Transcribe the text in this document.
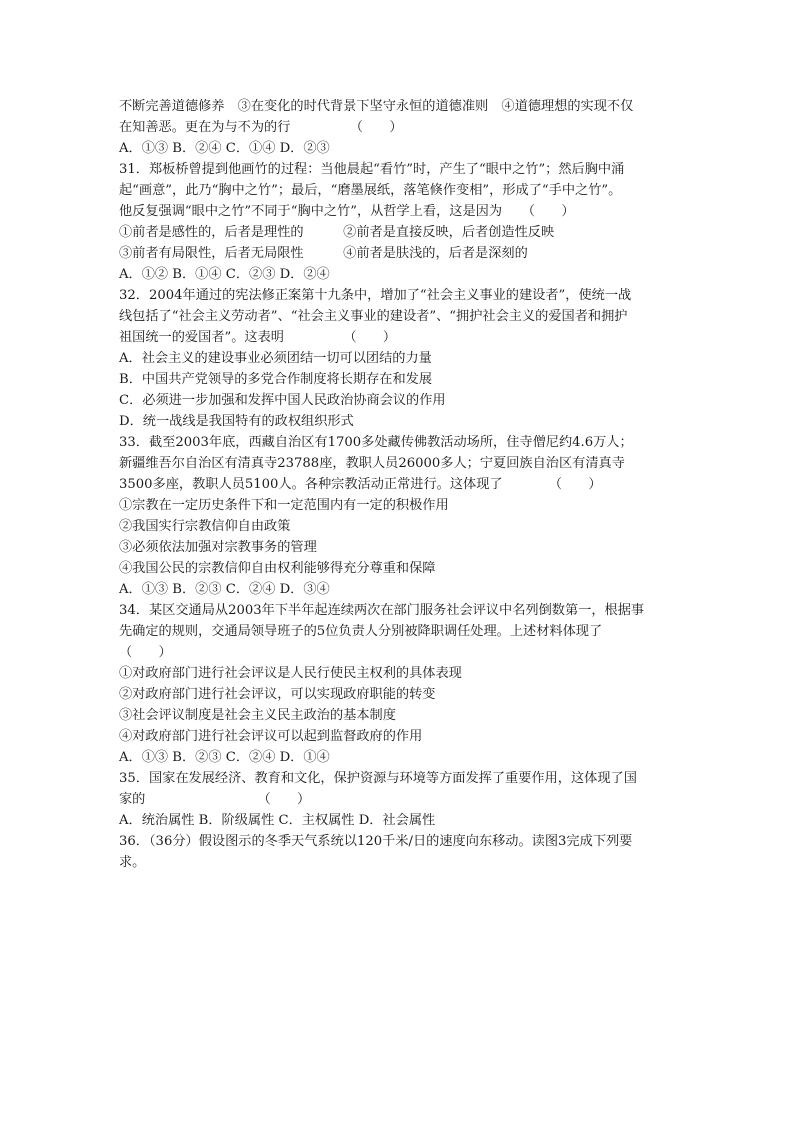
不断完善道德修养　③在变化的时代背景下坚守永恒的道德准则　④道德理想的实现不仅
在知善恶。更在为与不为的行　　　　　（　　）
A．①③ B．②④ C．①④ D．②③
31．郑板桥曾提到他画竹的过程：当他晨起“看竹”时，产生了“眼中之竹”；然后胸中涌
起“画意”，此乃“胸中之竹”；最后，“磨墨展纸，落笔倏作变相”，形成了“手中之竹”。
他反复强调“眼中之竹”不同于“胸中之竹”，从哲学上看，这是因为　　（　　）
①前者是感性的，后者是理性的　　　②前者是直接反映，后者创造性反映
③前者有局限性，后者无局限性　　　④前者是肤浅的，后者是深刻的
A．①② B．①④ C．②③ D．②④
32．2004年通过的宪法修正案第十九条中，增加了“社会主义事业的建设者”，使统一战
线包括了“社会主义劳动者”、“社会主义事业的建设者”、“拥护社会主义的爱国者和拥护
祖国统一的爱国者”。这表明　　　　　（　　）
A．社会主义的建设事业必须团结一切可以团结的力量
B．中国共产党领导的多党合作制度将长期存在和发展
C．必须进一步加强和发挥中国人民政治协商会议的作用
D．统一战线是我国特有的政权组织形式
33．截至2003年底，西藏自治区有1700多处藏传佛教活动场所，住寺僧尼约4.6万人；
新疆维吾尔自治区有清真寺23788座，教职人员26000多人；宁夏回族自治区有清真寺
3500多座，教职人员5100人。各种宗教活动正常进行。这体现了　　　　（　　）
①宗教在一定历史条件下和一定范围内有一定的积极作用
②我国实行宗教信仰自由政策
③必须依法加强对宗教事务的管理
④我国公民的宗教信仰自由权利能够得充分尊重和保障
A．①③ B．②③ C．②④ D．③④
34．某区交通局从2003年下半年起连续两次在部门服务社会评议中名列倒数第一，根据事
先确定的规则，交通局领导班子的5位负责人分别被降职调任处理。上述材料体现了
（　　）
①对政府部门进行社会评议是人民行使民主权利的具体表现
②对政府部门进行社会评议，可以实现政府职能的转变
③社会评议制度是社会主义民主政治的基本制度
④对政府部门进行社会评议可以起到监督政府的作用
A．①③ B．②③ C．②④ D．①④
35．国家在发展经济、教育和文化，保护资源与环境等方面发挥了重要作用，这体现了国
家的　　　　　　　　　（　　）
A．统治属性 B．阶级属性 C．主权属性 D．社会属性
36．（36分）假设图示的冬季天气系统以120千米/日的速度向东移动。读图3完成下列要
求。
